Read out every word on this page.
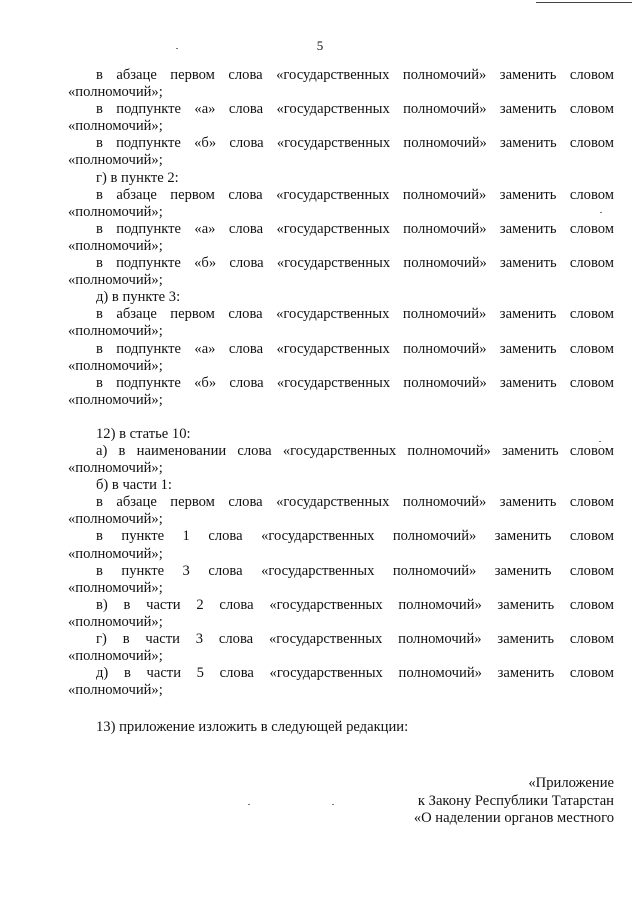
5
в абзаце первом слова «государственных полномочий» заменить словом
«полномочий»;
в подпункте «а» слова «государственных полномочий» заменить словом
«полномочий»;
в подпункте «б» слова «государственных полномочий» заменить словом
«полномочий»;
г) в пункте 2:
в абзаце первом слова «государственных полномочий» заменить словом
«полномочий»;
в подпункте «а» слова «государственных полномочий» заменить словом
«полномочий»;
в подпункте «б» слова «государственных полномочий» заменить словом
«полномочий»;
д) в пункте 3:
в абзаце первом слова «государственных полномочий» заменить словом
«полномочий»;
в подпункте «а» слова «государственных полномочий» заменить словом
«полномочий»;
в подпункте «б» слова «государственных полномочий» заменить словом
«полномочий»;
12) в статье 10:
а) в наименовании слова «государственных полномочий» заменить словом
«полномочий»;
б) в части 1:
в абзаце первом слова «государственных полномочий» заменить словом
«полномочий»;
в пункте 1 слова «государственных полномочий» заменить словом
«полномочий»;
в пункте 3 слова «государственных полномочий» заменить словом
«полномочий»;
в) в части 2 слова «государственных полномочий» заменить словом
«полномочий»;
г) в части 3 слова «государственных полномочий» заменить словом
«полномочий»;
д) в части 5 слова «государственных полномочий» заменить словом
«полномочий»;
13) приложение изложить в следующей редакции:
«Приложение
к Закону Республики Татарстан
«О наделении органов местного
